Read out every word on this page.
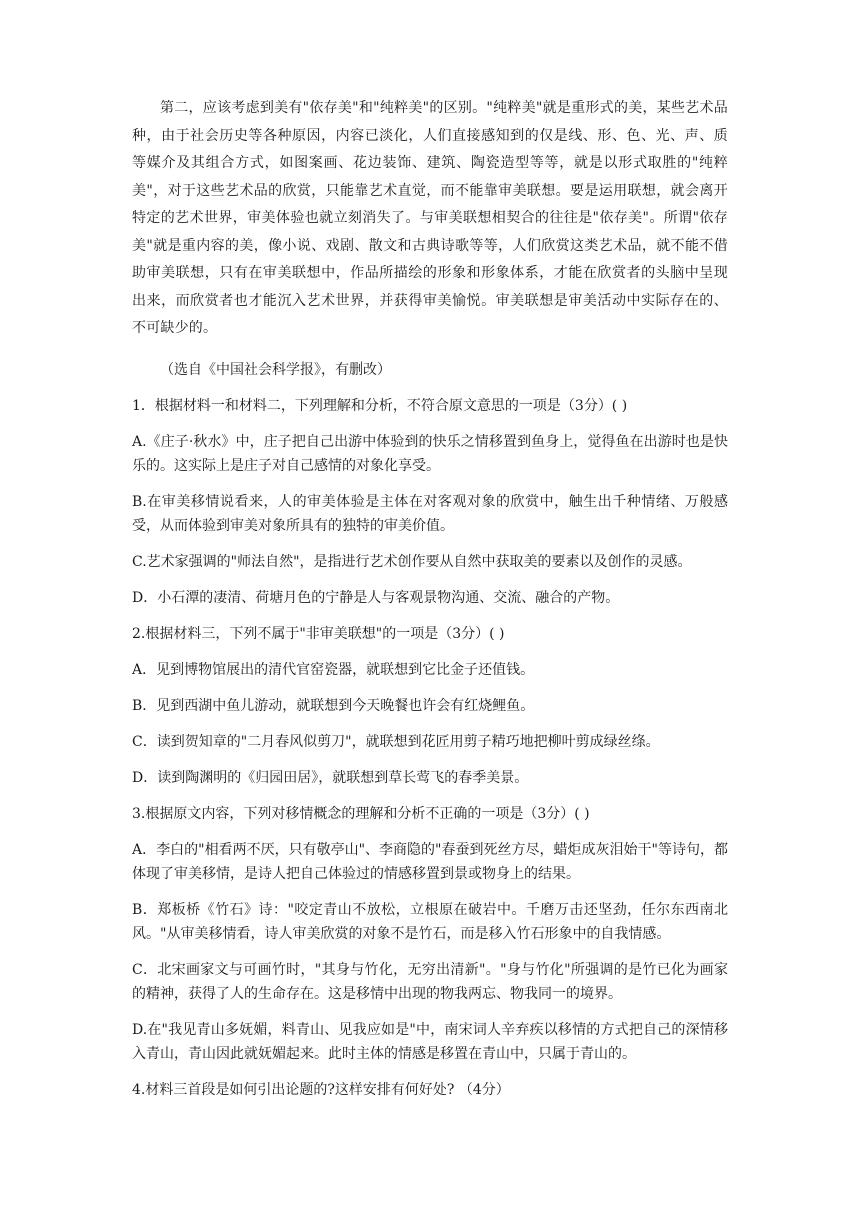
第二，应该考虑到美有"依存美"和"纯粹美"的区别。"纯粹美"就是重形式的美，某些艺术品种，由于社会历史等各种原因，内容已淡化，人们直接感知到的仅是线、形、色、光、声、质等媒介及其组合方式，如图案画、花边装饰、建筑、陶瓷造型等等，就是以形式取胜的"纯粹美"，对于这些艺术品的欣赏，只能靠艺术直觉，而不能靠审美联想。要是运用联想，就会离开特定的艺术世界，审美体验也就立刻消失了。与审美联想相契合的往往是"依存美"。所谓"依存美"就是重内容的美，像小说、戏剧、散文和古典诗歌等等，人们欣赏这类艺术品，就不能不借助审美联想，只有在审美联想中，作品所描绘的形象和形象体系，才能在欣赏者的头脑中呈现出来，而欣赏者也才能沉入艺术世界，并获得审美愉悦。审美联想是审美活动中实际存在的、不可缺少的。

（选自《中国社会科学报》，有删改）

1．根据材料一和材料二，下列理解和分析，不符合原文意思的一项是（3分）( )

A.《庄子·秋水》中，庄子把自己出游中体验到的快乐之情移置到鱼身上，觉得鱼在出游时也是快乐的。这实际上是庄子对自己感情的对象化享受。

B.在审美移情说看来，人的审美体验是主体在对客观对象的欣赏中，触生出千种情绪、万般感受，从而体验到审美对象所具有的独特的审美价值。

C.艺术家强调的"师法自然"，是指进行艺术创作要从自然中获取美的要素以及创作的灵感。

D．小石潭的凄清、荷塘月色的宁静是人与客观景物沟通、交流、融合的产物。

2.根据材料三，下列不属于"非审美联想"的一项是（3分）( )

A．见到博物馆展出的清代官窑瓷器，就联想到它比金子还值钱。

B．见到西湖中鱼儿游动，就联想到今天晚餐也许会有红烧鲤鱼。

C．读到贺知章的"二月春风似剪刀"，就联想到花匠用剪子精巧地把柳叶剪成绿丝绦。

D．读到陶渊明的《归园田居》，就联想到草长莺飞的春季美景。

3.根据原文内容，下列对移情概念的理解和分析不正确的一项是（3分）( )

A．李白的"相看两不厌，只有敬亭山"、李商隐的"春蚕到死丝方尽，蜡炬成灰泪始干"等诗句，都体现了审美移情，是诗人把自己体验过的情感移置到景或物身上的结果。

B．郑板桥《竹石》诗："咬定青山不放松，立根原在破岩中。千磨万击还坚劲，任尔东西南北风。"从审美移情看，诗人审美欣赏的对象不是竹石，而是移入竹石形象中的自我情感。

C．北宋画家文与可画竹时，"其身与竹化，无穷出清新"。"身与竹化"所强调的是竹已化为画家的精神，获得了人的生命存在。这是移情中出现的物我两忘、物我同一的境界。

D.在"我见青山多妩媚，料青山、见我应如是"中，南宋词人辛弃疾以移情的方式把自己的深情移入青山，青山因此就妩媚起来。此时主体的情感是移置在青山中，只属于青山的。

4.材料三首段是如何引出论题的?这样安排有何好处? （4分）
